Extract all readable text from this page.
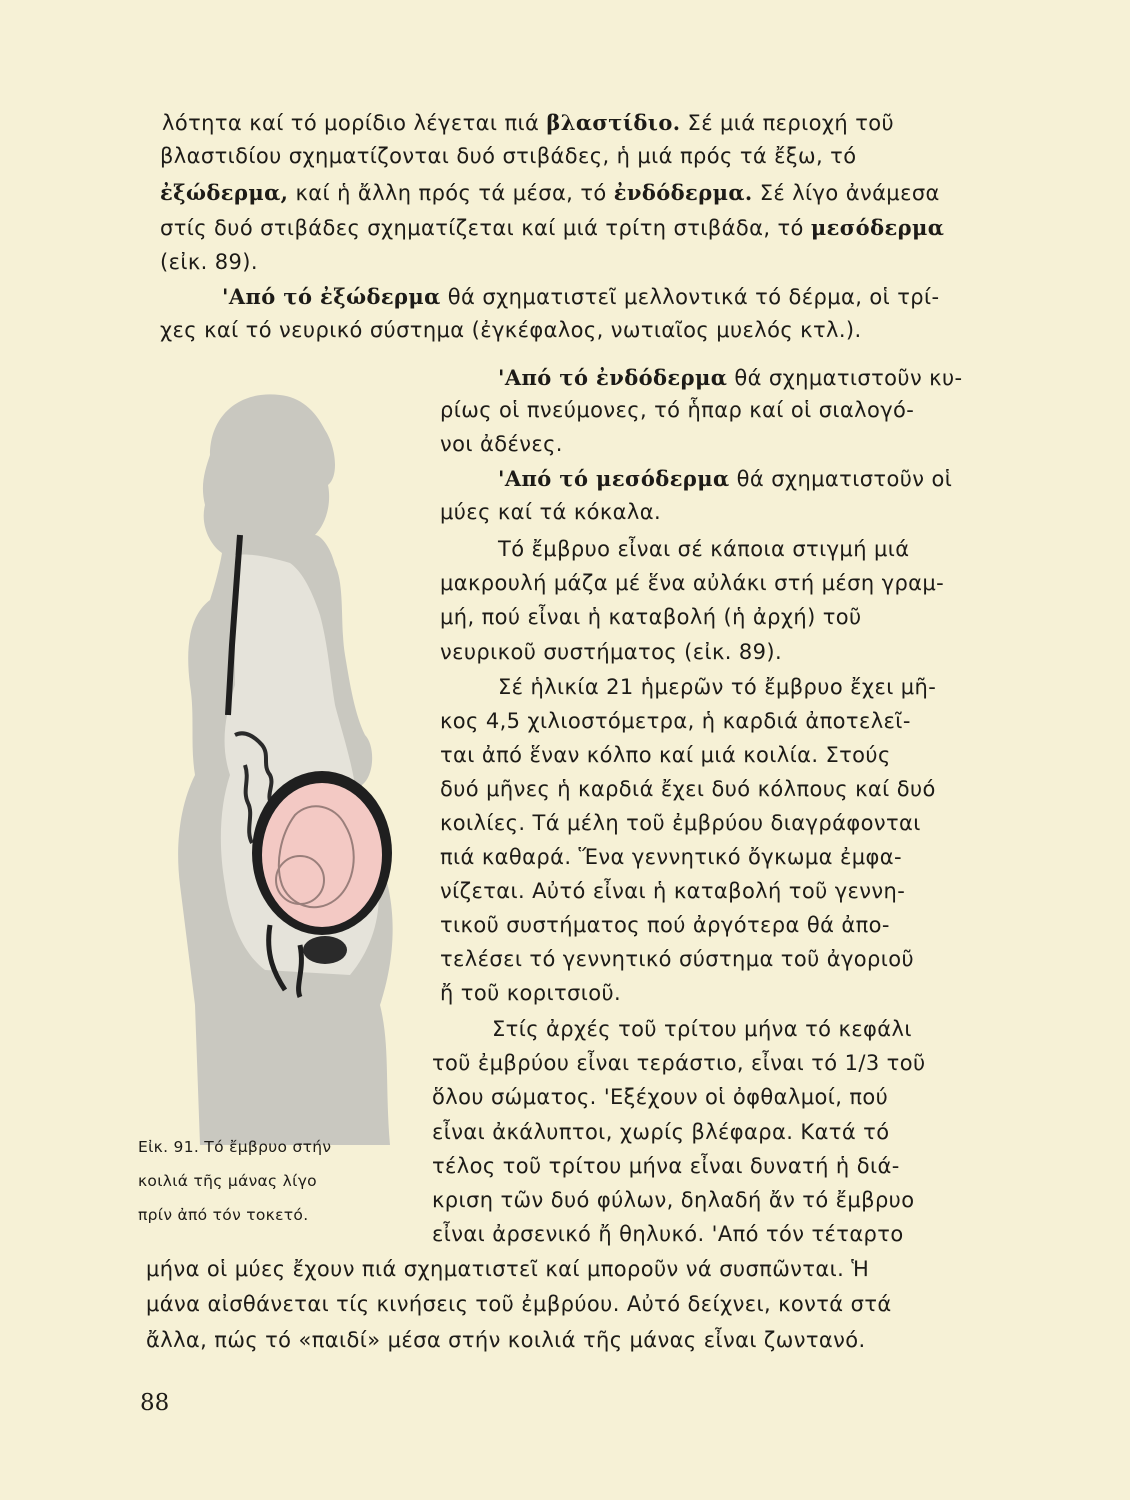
λότητα καί τό μορίδιο λέγεται πιά βλαστίδιο. Σέ μιά περιοχή τοῦ
βλαστιδίου σχηματίζονται δυό στιβάδες, ἡ μιά πρός τά ἔξω, τό
ἐξώδερμα, καί ἡ ἄλλη πρός τά μέσα, τό ἐνδόδερμα. Σέ λίγο ἀνάμεσα
στίς δυό στιβάδες σχηματίζεται καί μιά τρίτη στιβάδα, τό μεσόδερμα
(εἰκ. 89).
'Από τό ἐξώδερμα θά σχηματιστεῖ μελλοντικά τό δέρμα, οἱ τρί-
χες καί τό νευρικό σύστημα (ἐγκέφαλος, νωτιαῖος μυελός κτλ.).
'Από τό ἐνδόδερμα θά σχηματιστοῦν κυ-
ρίως οἱ πνεύμονες, τό ἧπαρ καί οἱ σιαλογό-
νοι ἀδένες.
'Από τό μεσόδερμα θά σχηματιστοῦν οἱ
μύες καί τά κόκαλα.
Τό ἔμβρυο εἶναι σέ κάποια στιγμή μιά
μακρουλή μάζα μέ ἕνα αὐλάκι στή μέση γραμ-
μή, πού εἶναι ἡ καταβολή (ἡ ἀρχή) τοῦ
νευρικοῦ συστήματος (εἰκ. 89).
Σέ ἡλικία 21 ἡμερῶν τό ἔμβρυο ἔχει μῆ-
κος 4,5 χιλιοστόμετρα, ἡ καρδιά ἀποτελεῖ-
ται ἀπό ἕναν κόλπο καί μιά κοιλία. Στούς
δυό μῆνες ἡ καρδιά ἔχει δυό κόλπους καί δυό
κοιλίες. Τά μέλη τοῦ ἐμβρύου διαγράφονται
πιά καθαρά. Ἕνα γεννητικό ὄγκωμα ἐμφα-
νίζεται. Αὐτό εἶναι ἡ καταβολή τοῦ γεννη-
τικοῦ συστήματος πού ἀργότερα θά ἀπο-
τελέσει τό γεννητικό σύστημα τοῦ ἀγοριοῦ
ἤ τοῦ κοριτσιοῦ.
Στίς ἀρχές τοῦ τρίτου μήνα τό κεφάλι
τοῦ ἐμβρύου εἶναι τεράστιο, εἶναι τό 1/3 τοῦ
ὅλου σώματος. 'Εξέχουν οἱ ὀφθαλμοί, πού
εἶναι ἀκάλυπτοι, χωρίς βλέφαρα. Κατά τό
τέλος τοῦ τρίτου μήνα εἶναι δυνατή ἡ διά-
κριση τῶν δυό φύλων, δηλαδή ἄν τό ἔμβρυο
εἶναι ἀρσενικό ἤ θηλυκό. 'Από τόν τέταρτο
μήνα οἱ μύες ἔχουν πιά σχηματιστεῖ καί μποροῦν νά συσπῶνται. Ἡ
μάνα αἰσθάνεται τίς κινήσεις τοῦ ἐμβρύου. Αὐτό δείχνει, κοντά στά
ἄλλα, πώς τό «παιδί» μέσα στήν κοιλιά τῆς μάνας εἶναι ζωντανό.
Εἰκ. 91. Τό ἔμβρυο στήν
κοιλιά τῆς μάνας λίγο
πρίν ἀπό τόν τοκετό.
88
